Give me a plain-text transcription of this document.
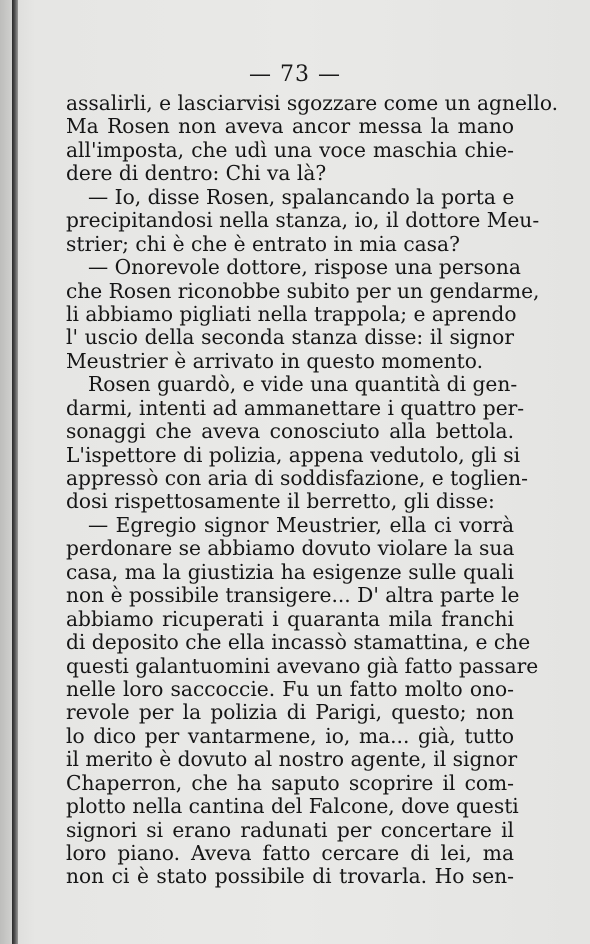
— 73 —
assalirli, e lasciarvisi sgozzare come un agnello.
Ma Rosen non aveva ancor messa la mano
all'imposta, che udì una voce maschia chie-
dere di dentro: Chi va là?
— Io, disse Rosen, spalancando la porta e
precipitandosi nella stanza, io, il dottore Meu-
strier; chi è che è entrato in mia casa?
— Onorevole dottore, rispose una persona
che Rosen riconobbe subito per un gendarme,
li abbiamo pigliati nella trappola; e aprendo
l' uscio della seconda stanza disse: il signor
Meustrier è arrivato in questo momento.
Rosen guardò, e vide una quantità di gen-
darmi, intenti ad ammanettare i quattro per-
sonaggi che aveva conosciuto alla bettola.
L'ispettore di polizia, appena vedutolo, gli si
appressò con aria di soddisfazione, e toglien-
dosi rispettosamente il berretto, gli disse:
— Egregio signor Meustrier, ella ci vorrà
perdonare se abbiamo dovuto violare la sua
casa, ma la giustizia ha esigenze sulle quali
non è possibile transigere... D' altra parte le
abbiamo ricuperati i quaranta mila franchi
di deposito che ella incassò stamattina, e che
questi galantuomini avevano già fatto passare
nelle loro saccoccie. Fu un fatto molto ono-
revole per la polizia di Parigi, questo; non
lo dico per vantarmene, io, ma... già, tutto
il merito è dovuto al nostro agente, il signor
Chaperron, che ha saputo scoprire il com-
plotto nella cantina del Falcone, dove questi
signori si erano radunati per concertare il
loro piano. Aveva fatto cercare di lei, ma
non ci è stato possibile di trovarla. Ho sen-
